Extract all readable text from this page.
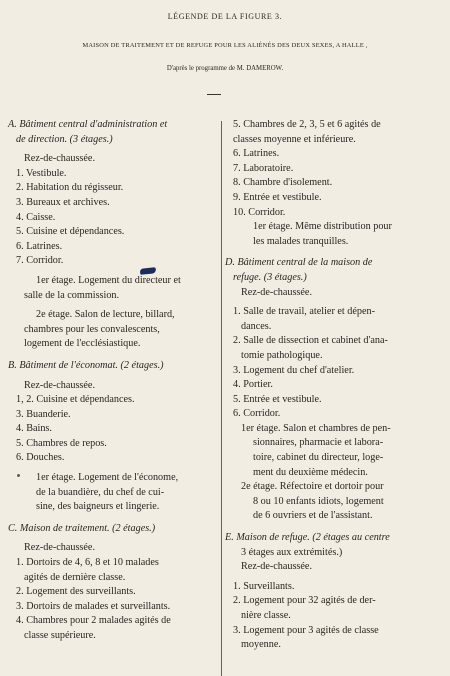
LÉGENDE DE LA FIGURE 3.
MAISON DE TRAITEMENT ET DE REFUGE POUR LES ALIÉNÉS DES DEUX SEXES, A HALLE ,
D'après le programme de M. DAMEROW.
A. Bâtiment central d'administration et
de direction. (3 étages.)
Rez-de-chaussée.
1. Vestibule.
2. Habitation du régisseur.
3. Bureaux et archives.
4. Caisse.
5. Cuisine et dépendances.
6. Latrines.
7. Corridor.
1er étage. Logement du directeur et
salle de la commission.
2e étage. Salon de lecture, billard,
chambres pour les convalescents,
logement de l'ecclésiastique.
B. Bâtiment de l'économat. (2 étages.)
Rez-de-chaussée.
1, 2. Cuisine et dépendances.
3. Buanderie.
4. Bains.
5. Chambres de repos.
6. Douches.
1er étage. Logement de l'économe,
de la buandière, du chef de cui-
sine, des baigneurs et lingerie.
C. Maison de traitement. (2 étages.)
Rez-de-chaussée.
1. Dortoirs de 4, 6, 8 et 10 malades
agités de dernière classe.
2. Logement des surveillants.
3. Dortoirs de malades et surveillants.
4. Chambres pour 2 malades agités de
classe supérieure.
5. Chambres de 2, 3, 5 et 6 agités de
classes moyenne et inférieure.
6. Latrines.
7. Laboratoire.
8. Chambre d'isolement.
9. Entrée et vestibule.
10. Corridor.
1er étage. Même distribution pour
les malades tranquilles.
D. Bâtiment central de la maison de
refuge. (3 étages.)
Rez-de-chaussée.
1. Salle de travail, atelier et dépen-
dances.
2. Salle de dissection et cabinet d'ana-
tomie pathologique.
3. Logement du chef d'atelier.
4. Portier.
5. Entrée et vestibule.
6. Corridor.
1er étage. Salon et chambres de pen-
sionnaires, pharmacie et labora-
toire, cabinet du directeur, loge-
ment du deuxième médecin.
2e étage. Réfectoire et dortoir pour
8 ou 10 enfants idiots, logement
de 6 ouvriers et de l'assistant.
E. Maison de refuge. (2 étages au centre
3 étages aux extrémités.)
Rez-de-chaussée.
1. Surveillants.
2. Logement pour 32 agités de der-
nière classe.
3. Logement pour 3 agités de classe
moyenne.
